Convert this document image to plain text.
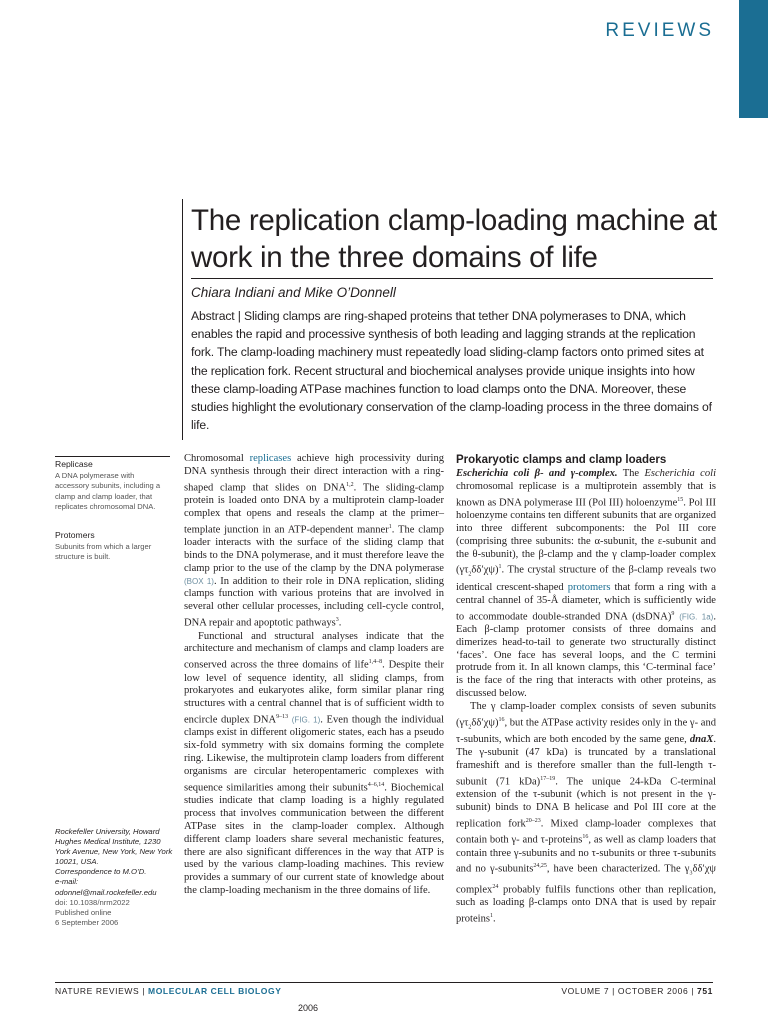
REVIEWS
The replication clamp-loading machine at work in the three domains of life
Chiara Indiani and Mike O’Donnell
Abstract | Sliding clamps are ring-shaped proteins that tether DNA polymerases to DNA, which enables the rapid and processive synthesis of both leading and lagging strands at the replication fork. The clamp-loading machinery must repeatedly load sliding-clamp factors onto primed sites at the replication fork. Recent structural and biochemical analyses provide unique insights into how these clamp-loading ATPase machines function to load clamps onto the DNA. Moreover, these studies highlight the evolutionary conservation of the clamp-loading process in the three domains of life.

Replicase

A DNA polymerase with accessory subunits, including a clamp and clamp loader, that replicates chromosomal DNA.

Protomers

Subunits from which a larger structure is built.

Rockefeller University, Howard Hughes Medical Institute, 1230 York Avenue, New York, New York 10021, USA.
Correspondence to M.O’D.
e-mail: odonnel@mail.rockefeller.edu
doi: 10.1038/nrm2022
Published online
6 September 2006

Chromosomal replicases achieve high processivity during DNA synthesis through their direct interaction with a ring-shaped clamp that slides on DNA$^{1,2}$. The sliding-clamp protein is loaded onto DNA by a multiprotein clamp-loader complex that opens and reseals the clamp at the primer–template junction in an ATP-dependent manner$^1$. The clamp loader interacts with the surface of the sliding clamp that binds to the DNA polymerase, and it must therefore leave the clamp prior to the use of the clamp by the DNA polymerase (BOX 1). In addition to their role in DNA replication, sliding clamps function with various proteins that are involved in several other cellular processes, including cell-cycle control, DNA repair and apoptotic pathways$^3$.

Functional and structural analyses indicate that the architecture and mechanism of clamps and clamp loaders are conserved across the three domains of life$^{1,4-8}$. Despite their low level of sequence identity, all sliding clamps, from prokaryotes and eukaryotes alike, form similar planar ring structures with a central channel that is of sufficient width to encircle duplex DNA$^{9-13}$ (FIG. 1). Even though the individual clamps exist in different oligomeric states, each has a pseudo six-fold symmetry with six domains forming the complete ring. Likewise, the multiprotein clamp loaders from different organisms are circular heteropentameric complexes with sequence similarities among their subunits$^{4-6,14}$. Biochemical studies indicate that clamp loading is a highly regulated process that involves communication between the different ATPase sites in the clamp-loader complex. Although different clamp loaders share several mechanistic features, there are also significant differences in the way that ATP is used by the various clamp-loading machines. This review provides a summary of our current state of knowledge about the clamp-loading mechanism in the three domains of life.

Prokaryotic clamps and clamp loaders

Escherichia coli β- and γ-complex. The Escherichia coli chromosomal replicase is a multiprotein assembly that is known as DNA polymerase III (Pol III) holoenzyme$^{15}$. Pol III holoenzyme contains ten different subunits that are organized into three different subcomponents: the Pol III core (comprising three subunits: the α-subunit, the ε-subunit and the θ-subunit), the β-clamp and the γ clamp-loader complex $(\gamma\tau_2\delta\delta'\chi\psi)^1$. The crystal structure of the β-clamp reveals two identical crescent-shaped protomers that form a ring with a central channel of 35-Å diameter, which is sufficiently wide to accommodate double-stranded DNA (dsDNA)$^9$ (FIG. 1a). Each β-clamp protomer consists of three domains and dimerizes head-to-tail to generate two structurally distinct ‘faces’. One face has several loops, and the C termini protrude from it. In all known clamps, this ‘C-terminal face’ is the face of the ring that interacts with other proteins, as discussed below.

The γ clamp-loader complex consists of seven subunits $(\gamma\tau_2\delta\delta'\chi\psi)^{16}$, but the ATPase activity resides only in the γ- and τ-subunits, which are both encoded by the same gene, dnaX. The γ-subunit (47 kDa) is truncated by a translational frameshift and is therefore smaller than the full-length τ-subunit (71 kDa)$^{17-19}$. The unique 24-kDa C-terminal extension of the τ-subunit (which is not present in the γ-subunit) binds to DNA B helicase and Pol III core at the replication fork$^{20-23}$. Mixed clamp-loader complexes that contain both γ- and τ-proteins$^{16}$, as well as clamp loaders that contain three γ-subunits and no τ-subunits or three τ-subunits and no γ-subunits$^{24,25}$, have been characterized. The $\gamma_3\delta\delta'\chi\psi$ complex$^{24}$ probably fulfils functions other than replication, such as loading β-clamps onto DNA that is used by repair proteins$^1$.

NATURE REVIEWS | MOLECULAR CELL BIOLOGY	VOLUME 7 | OCTOBER 2006 | 751
2006
